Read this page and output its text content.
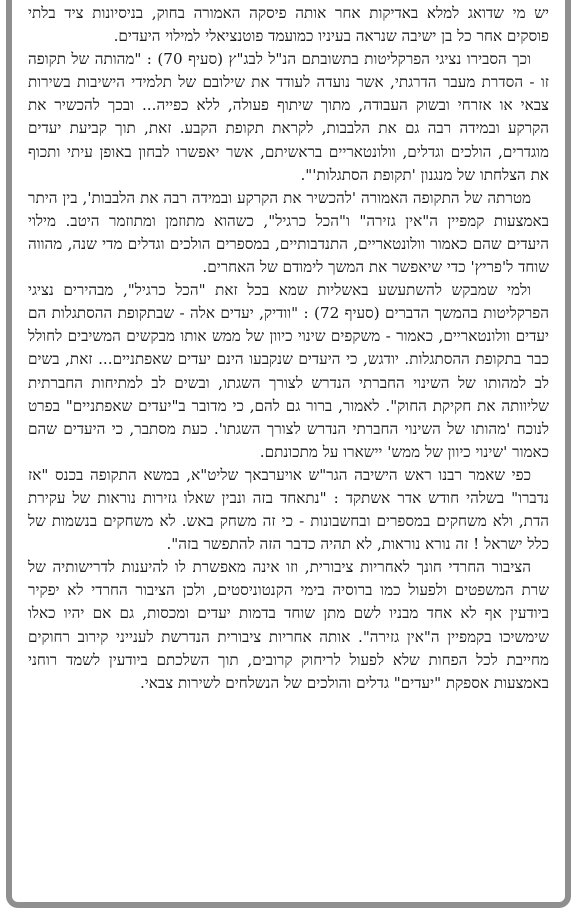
יש מי שדואג למלא באדיקות אחר אותה פיסקה האמורה בחוק, בניסיונות ציד בלתי פוסקים אחר כל בן ישיבה שנראה בעיניו כמועמד פוטנציאלי למילוי היעדים.

וכך הסבירו נציגי הפרקליטות בתשובתם הנ"ל לבג"ץ (סעיף 70) : "מהותה של תקופה זו - הסדרת מעבר הדרגתי, אשר נועדה לעודד את שילובם של תלמידי הישיבות בשירות צבאי או אזרחי ובשוק העבודה, מתוך שיתוף פעולה, ללא כפייה... ובכך להכשיר את הקרקע ובמידה רבה גם את הלבבות, לקראת תקופת הקבע. זאת, תוך קביעת יעדים מוגדרים, הולכים וגדלים, וולונטאריים בראשיתם, אשר יאפשרו לבחון באופן עיתי ותכוף את הצלחתו של מנגנון 'תקופת הסתגלות'".

מטרתה של התקופה האמורה 'להכשיר את הקרקע ובמידה רבה את הלבבות', בין היתר באמצעות קמפיין ה"אין גזירה" ו"הכל כרגיל", כשהוא מתוזמן ומתוזמר היטב. מילוי היעדים שהם כאמור וולונטאריים, התנדבותיים, במספרים הולכים וגדלים מדי שנה, מהווה שוחד ל'פריץ' כדי שיאפשר את המשך לימודם של האחרים.

ולמי שמבקש להשתעשע באשליות שמא בכל זאת "הכל כרגיל", מבהירים נציגי הפרקליטות בהמשך הדברים (סעיף 72) : "וודיק, יעדים אלה - שבתקופת ההסתגלות הם יעדים וולונטאריים, כאמור - משקפים שינוי כיוון של ממש אותו מבקשים המשיבים לחולל כבר בתקופת ההסתגלות. יודגש, כי היעדים שנקבעו הינם יעדים שאפתניים... זאת, בשים לב למהותו של השינוי החברתי הנדרש לצורך השגתו, ובשים לב למתיחות החברתית שליוותה את חקיקת החוק". לאמור, ברור גם להם, כי מדובר ב"יעדים שאפתניים" בפרט לנוכח 'מהותו של השינוי החברתי הנדרש לצורך השגתו'. כעת מסתבר, כי היעדים שהם כאמור 'שינוי כיוון של ממש' יישארו על מתכונתם.

כפי שאמר רבנו ראש הישיבה הגר"ש אויערבאך שליט"א, במשא התקופה בכנס "אז נדברו" בשלהי חודש אדר אשתקד : "נתאחד בזה ונבין שאלו גזירות נוראות של עקירת הדת, ולא משחקים במספרים ובחשבונות - כי זה משחק באש. לא משחקים בנשמות של כלל ישראל ! זה נורא נוראות, לא תהיה כדבר הזה להתפשר בזה".

הציבור החרדי חונך לאחריות ציבורית, וזו אינה מאפשרת לו להיענות לדרישותיה של שרת המשפטים ולפעול כמו ברוסיה בימי הקנטוניסטים, ולכן הציבור החרדי לא יפקיר ביודעין אף לא אחד מבניו לשם מתן שוחד בדמות יעדים ומכסות, גם אם יהיו כאלו שימשיכו בקמפיין ה"אין גזירה". אותה אחריות ציבורית הנדרשת לענייני קירוב רחוקים מחייבת לכל הפחות שלא לפעול לריחוק קרובים, תוך השלכתם ביודעין לשמד רוחני באמצעות אספקת "יעדים" גדלים והולכים של הנשלחים לשירות צבאי.
